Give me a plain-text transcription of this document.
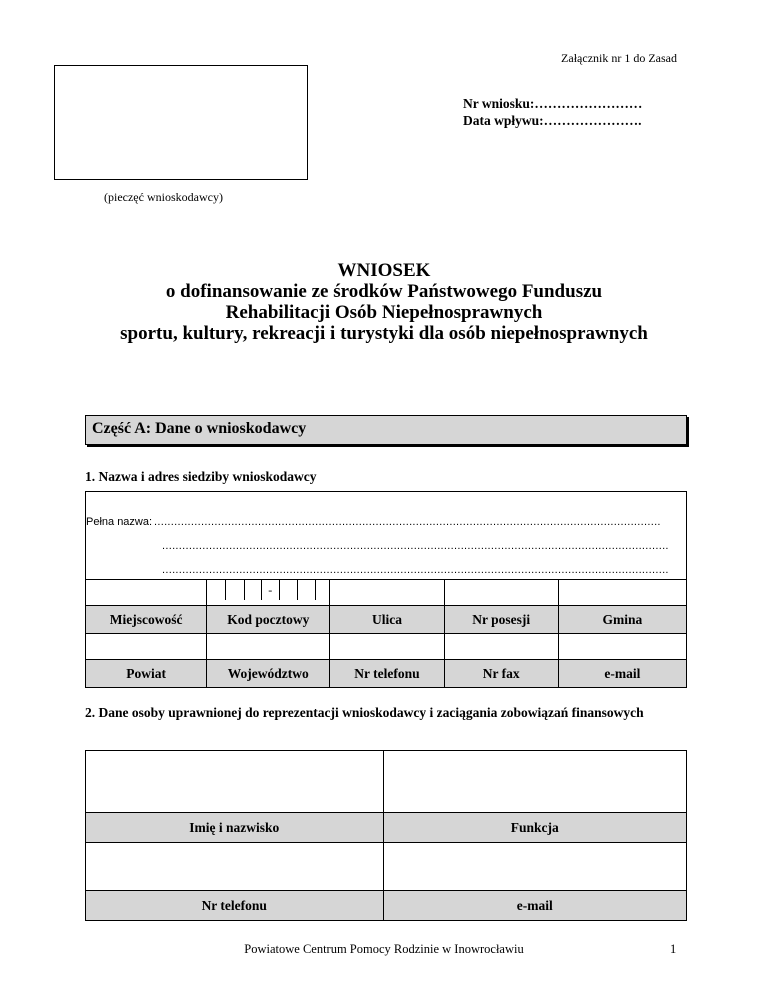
Załącznik nr 1 do Zasad
(pieczęć wnioskodawcy)
Nr wniosku:……………………
Data wpływu:………………….
WNIOSEK
o dofinansowanie ze środków Państwowego Funduszu
Rehabilitacji Osób Niepełnosprawnych
sportu, kultury, rekreacji i turystyki dla osób niepełnosprawnych
Część A: Dane o wnioskodawcy
1. Nazwa i adres siedziby wnioskodawcy
Pełna nazwa: .......................................................................................................................................................
.......................................................................................................................................................
.......................................................................................................................................................

	-			

Miejscowość	Kod pocztowy	Ulica	Nr posesji	Gmina

Powiat	Województwo	Nr telefonu	Nr fax	e-mail
2. Dane osoby uprawnionej do reprezentacji wnioskodawcy i zaciągania zobowiązań finansowych

Imię i nazwisko	Funkcja

Nr telefonu	e-mail
Powiatowe Centrum Pomocy Rodzinie w Inowrocławiu	1
